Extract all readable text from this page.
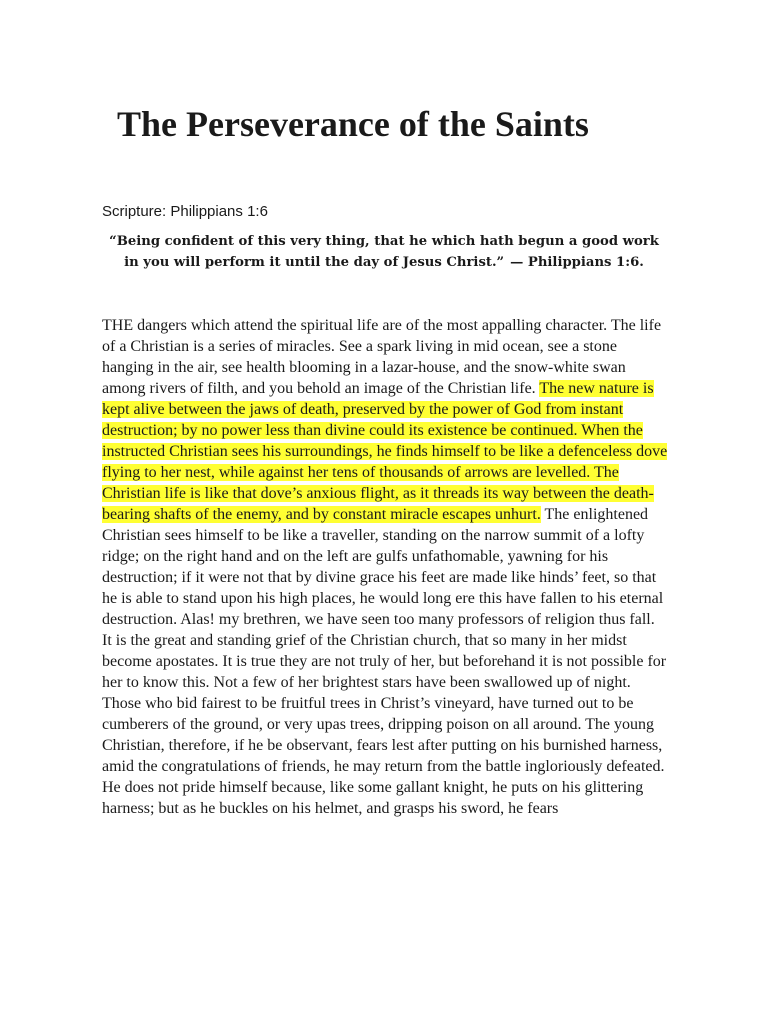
The Perseverance of the Saints
Scripture: Philippians 1:6
“Being confident of this very thing, that he which hath begun a good work in you will perform it until the day of Jesus Christ.” — Philippians 1:6.

THE dangers which attend the spiritual life are of the most appalling character. The life of a Christian is a series of miracles. See a spark living in mid ocean, see a stone hanging in the air, see health blooming in a lazar-house, and the snow-white swan among rivers of filth, and you behold an image of the Christian life. The new nature is kept alive between the jaws of death, preserved by the power of God from instant destruction; by no power less than divine could its existence be continued. When the instructed Christian sees his surroundings, he finds himself to be like a defenceless dove flying to her nest, while against her tens of thousands of arrows are levelled. The Christian life is like that dove’s anxious flight, as it threads its way between the death-bearing shafts of the enemy, and by constant miracle escapes unhurt. The enlightened Christian sees himself to be like a traveller, standing on the narrow summit of a lofty ridge; on the right hand and on the left are gulfs unfathomable, yawning for his destruction; if it were not that by divine grace his feet are made like hinds’ feet, so that he is able to stand upon his high places, he would long ere this have fallen to his eternal destruction. Alas! my brethren, we have seen too many professors of religion thus fall. It is the great and standing grief of the Christian church, that so many in her midst become apostates. It is true they are not truly of her, but beforehand it is not possible for her to know this. Not a few of her brightest stars have been swallowed up of night. Those who bid fairest to be fruitful trees in Christ’s vineyard, have turned out to be cumberers of the ground, or very upas trees, dripping poison on all around. The young Christian, therefore, if he be observant, fears lest after putting on his burnished harness, amid the congratulations of friends, he may return from the battle ingloriously defeated. He does not pride himself because, like some gallant knight, he puts on his glittering harness; but as he buckles on his helmet, and grasps his sword, he fears
